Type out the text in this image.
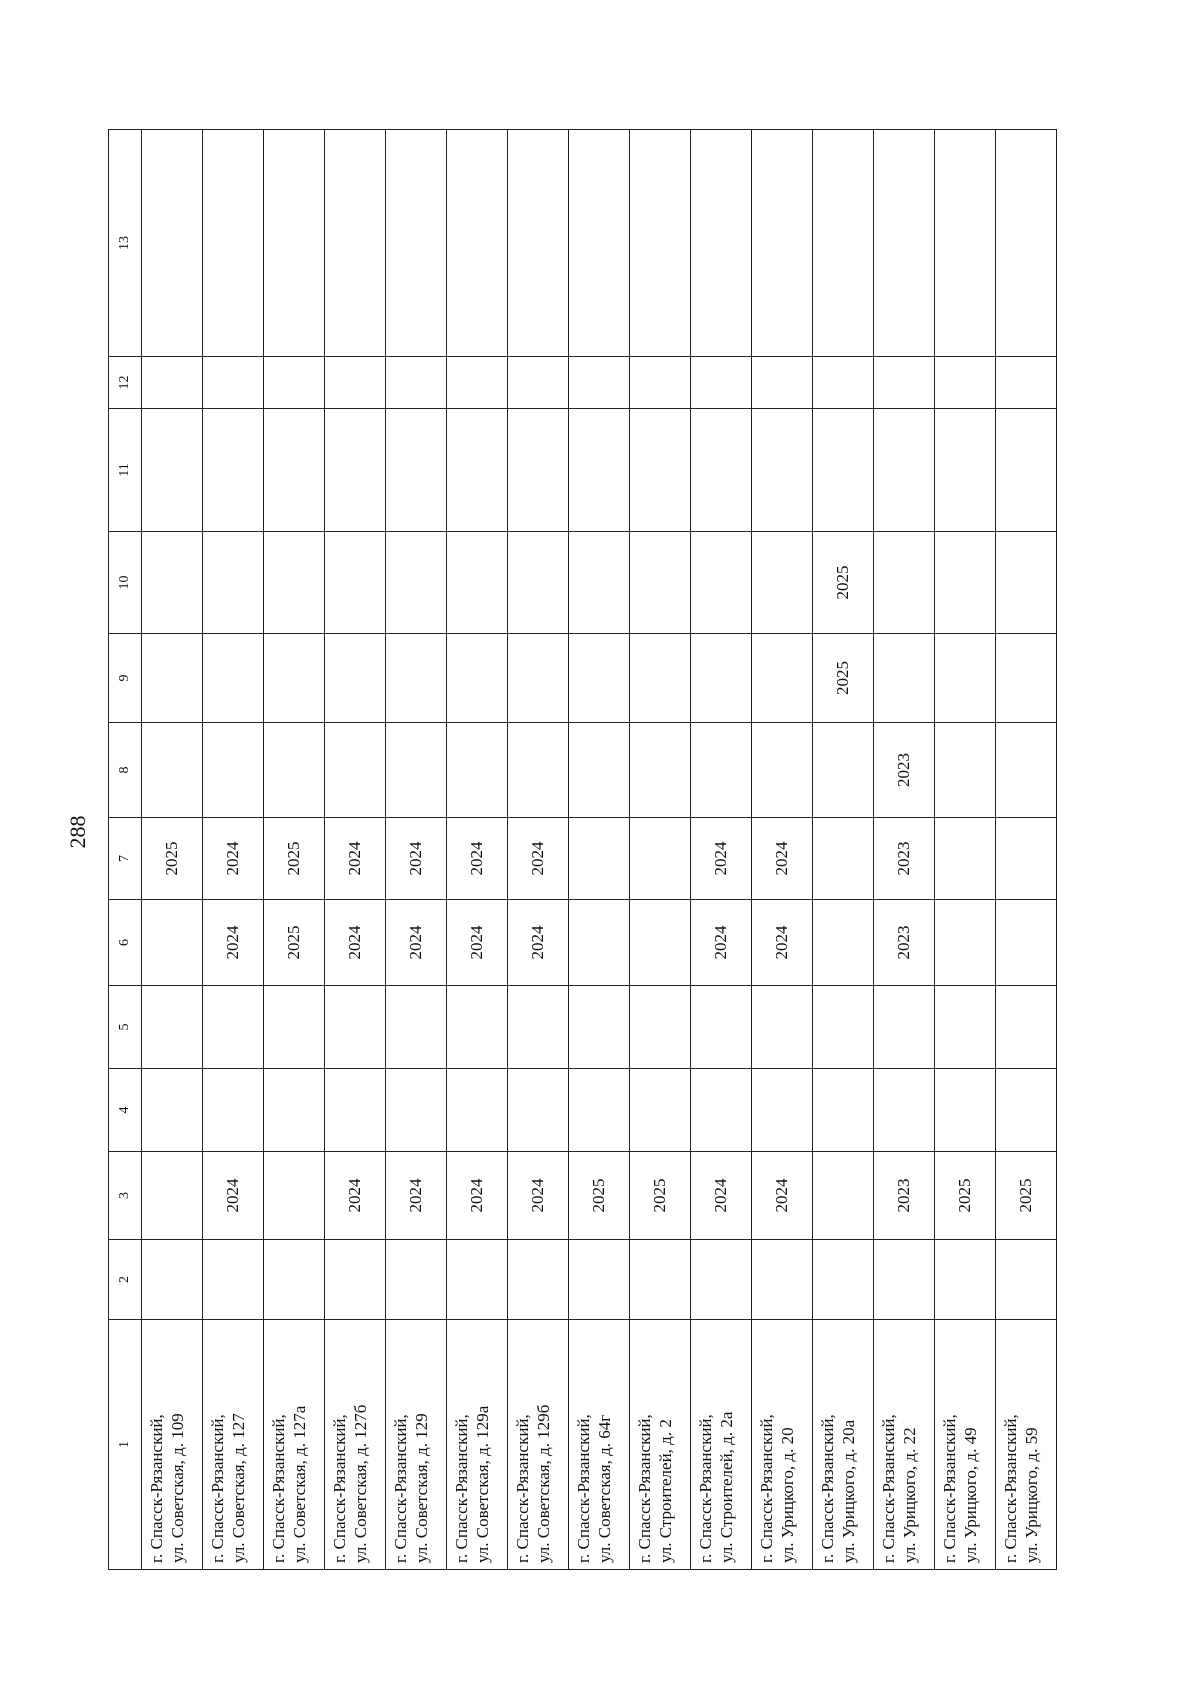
288
1	2	3	4	5	6	7	8	9	10	11	12	13

г. Спасск-Рязанский, ул. Советская, д. 109						2025						

г. Спасск-Рязанский, ул. Советская, д. 127		2024			2024	2024						

г. Спасск-Рязанский, ул. Советская, д. 127а					2025	2025						

г. Спасск-Рязанский, ул. Советская, д. 127б		2024			2024	2024						

г. Спасск-Рязанский, ул. Советская, д. 129		2024			2024	2024						

г. Спасск-Рязанский, ул. Советская, д. 129а		2024			2024	2024						

г. Спасск-Рязанский, ул. Советская, д. 129б		2024			2024	2024						

г. Спасск-Рязанский, ул. Советская, д. 64г		2025										

г. Спасск-Рязанский, ул. Строителей, д. 2		2025										

г. Спасск-Рязанский, ул. Строителей, д. 2а		2024			2024	2024						

г. Спасск-Рязанский, ул. Урицкого, д. 20		2024			2024	2024						

г. Спасск-Рязанский, ул. Урицкого, д. 20а								2025	2025			

г. Спасск-Рязанский, ул. Урицкого, д. 22		2023			2023	2023	2023					

г. Спасск-Рязанский, ул. Урицкого, д. 49		2025										

г. Спасск-Рязанский, ул. Урицкого, д. 59		2025										
